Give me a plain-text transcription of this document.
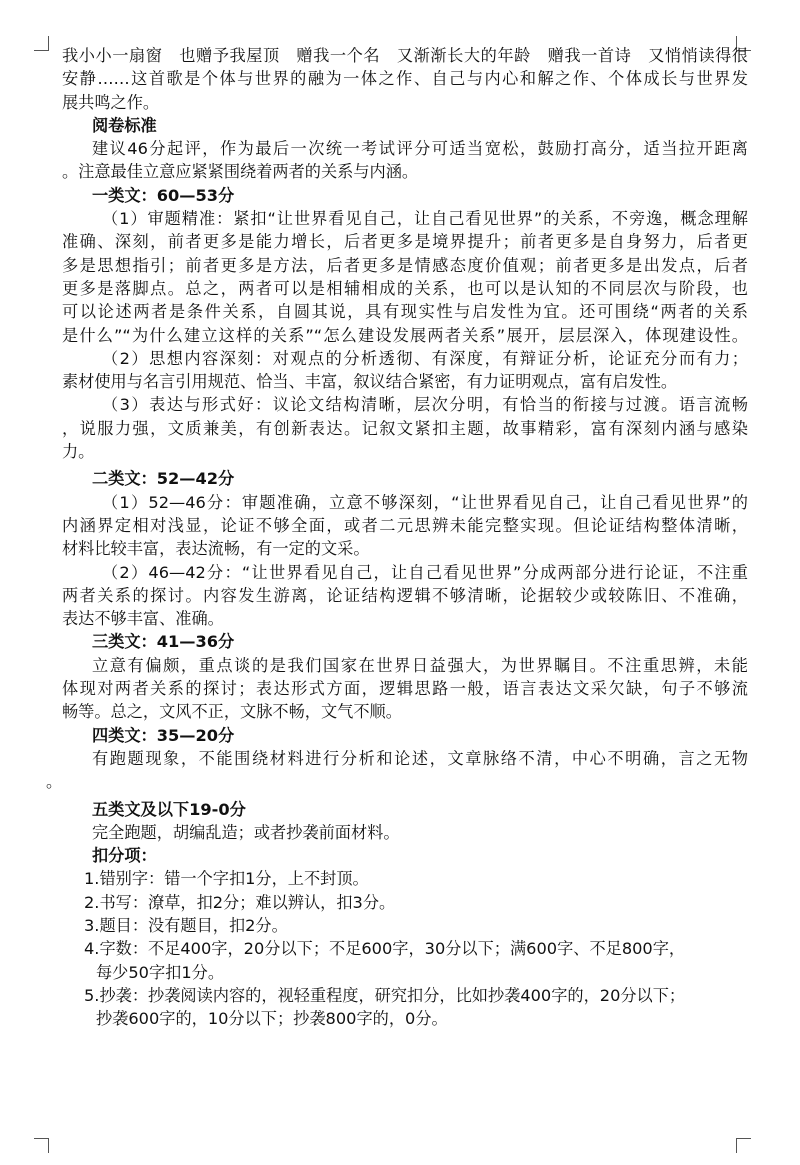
我小小一扇窗　也赠予我屋顶　赠我一个名　又渐渐长大的年龄　赠我一首诗　又悄悄读得很
安静……这首歌是个体与世界的融为一体之作、自己与内心和解之作、个体成长与世界发
展共鸣之作。
阅卷标准
建议46分起评，作为最后一次统一考试评分可适当宽松，鼓励打高分，适当拉开距离
。注意最佳立意应紧紧围绕着两者的关系与内涵。
一类文：60—53分
（1）审题精准：紧扣“让世界看见自己，让自己看见世界”的关系，不旁逸，概念理解
准确、深刻，前者更多是能力增长，后者更多是境界提升；前者更多是自身努力，后者更
多是思想指引；前者更多是方法，后者更多是情感态度价值观；前者更多是出发点，后者
更多是落脚点。总之，两者可以是相辅相成的关系，也可以是认知的不同层次与阶段，也
可以论述两者是条件关系，自圆其说，具有现实性与启发性为宜。还可围绕“两者的关系
是什么”“为什么建立这样的关系”“怎么建设发展两者关系”展开，层层深入，体现建设性。
（2）思想内容深刻：对观点的分析透彻、有深度，有辩证分析，论证充分而有力；
素材使用与名言引用规范、恰当、丰富，叙议结合紧密，有力证明观点，富有启发性。
（3）表达与形式好：议论文结构清晰，层次分明，有恰当的衔接与过渡。语言流畅
，说服力强，文质兼美，有创新表达。记叙文紧扣主题，故事精彩，富有深刻内涵与感染
力。
二类文：52—42分
（1）52—46分：审题准确，立意不够深刻，“让世界看见自己，让自己看见世界”的
内涵界定相对浅显，论证不够全面，或者二元思辨未能完整实现。但论证结构整体清晰，
材料比较丰富，表达流畅，有一定的文采。
（2）46—42分：“让世界看见自己，让自己看见世界”分成两部分进行论证，不注重
两者关系的探讨。内容发生游离，论证结构逻辑不够清晰，论据较少或较陈旧、不准确，
表达不够丰富、准确。
三类文：41—36分
立意有偏颇，重点谈的是我们国家在世界日益强大，为世界瞩目。不注重思辨，未能
体现对两者关系的探讨；表达形式方面，逻辑思路一般，语言表达文采欠缺，句子不够流
畅等。总之，文风不正，文脉不畅，文气不顺。
四类文：35—20分
有跑题现象，不能围绕材料进行分析和论述，文章脉络不清，中心不明确，言之无物
。
五类文及以下19-0分
完全跑题，胡编乱造；或者抄袭前面材料。
扣分项：
1.错别字：错一个字扣1分，上不封顶。
2.书写：潦草，扣2分；难以辨认，扣3分。
3.题目：没有题目，扣2分。
4.字数：不足400字，20分以下；不足600字，30分以下；满600字、不足800字，
每少50字扣1分。
5.抄袭：抄袭阅读内容的，视轻重程度，研究扣分，比如抄袭400字的，20分以下；
抄袭600字的，10分以下；抄袭800字的，0分。
